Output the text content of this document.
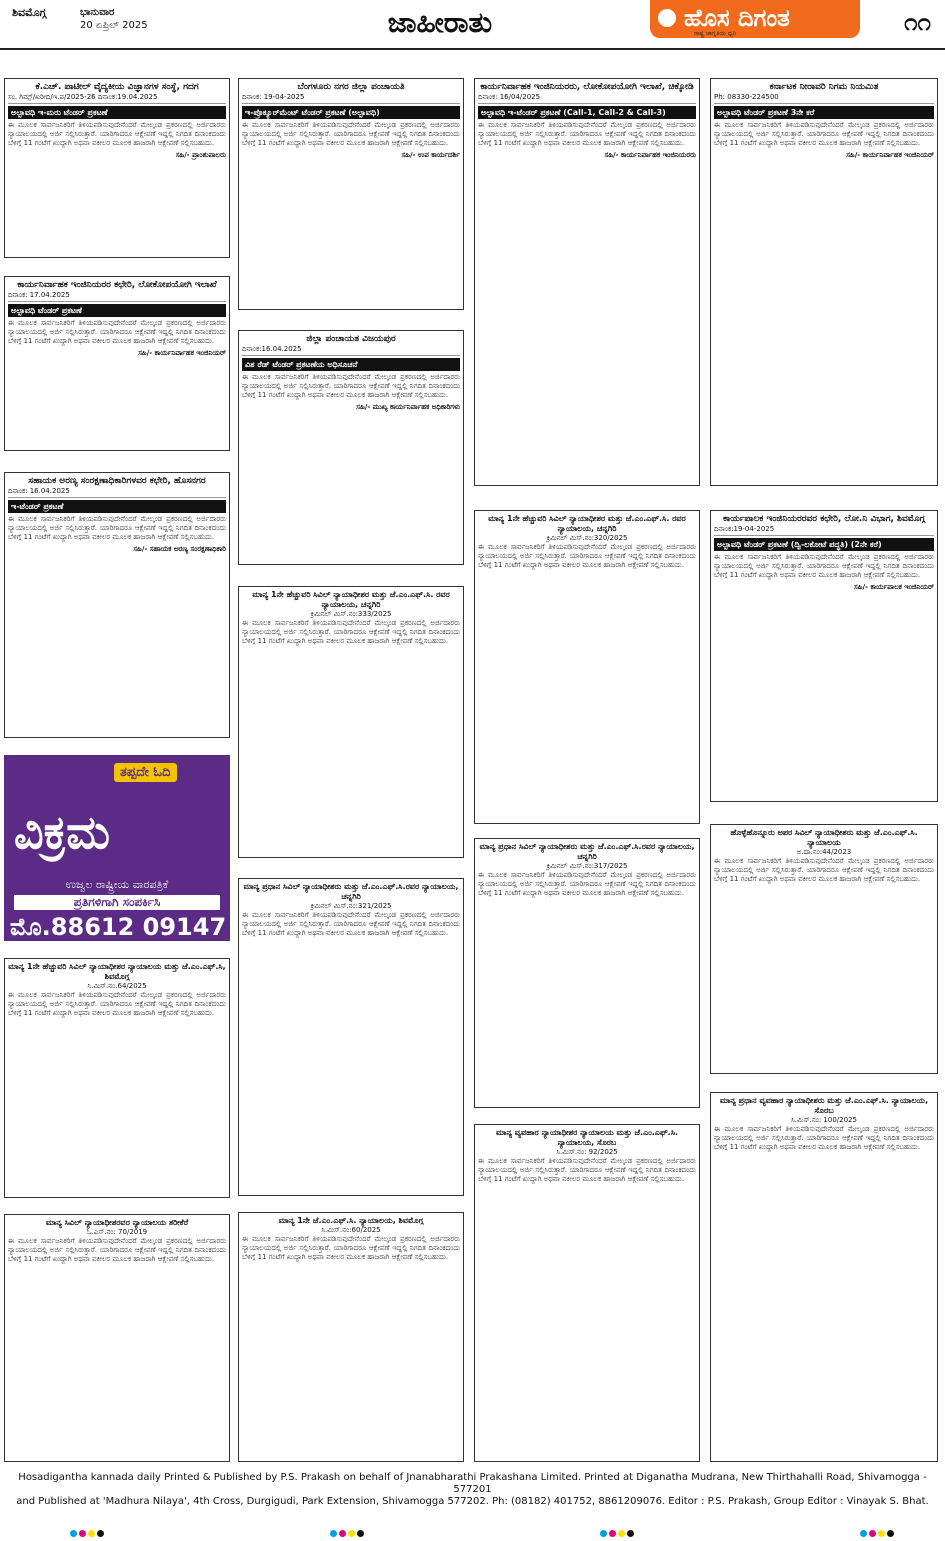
ಶಿವಮೊಗ್ಗ	ಭಾನುವಾರ
20 ಏಪ್ರಿಲ್ 2025	ಜಾಹೀರಾತು	ಹೊಸ ದಿಗಂತ
ರಾಷ್ಟ್ರ ಜಾಗೃತಿಯ ಧ್ವನಿ	೧೧
ಕೆ.ಎಚ್. ಪಾಟೀಲ್ ವೈದ್ಯಕೀಯ ವಿಜ್ಞಾನಗಳ ಸಂಸ್ಥೆ, ಗದಗ
ಸಂ. ಗಿಮ್ಸ್/ಖರೀದಿ/ಇ.ಪ/2025-26 ದಿನಾಂಕ:19.04.2025
ಅಲ್ಪಾವಧಿ ಇ-ಮರು ಟೆಂಡರ್ ಪ್ರಕಟಣೆ
ಈ ಮೂಲಕ ಸಾರ್ವಜನಿಕರಿಗೆ ತಿಳಿಯಪಡಿಸುವುದೇನೆಂದರೆ ಮೇಲ್ಕಂಡ ಪ್ರಕರಣದಲ್ಲಿ ಅರ್ಜಿದಾರರು ನ್ಯಾಯಾಲಯದಲ್ಲಿ ಅರ್ಜಿ ಸಲ್ಲಿಸಿರುತ್ತಾರೆ. ಯಾರಿಗಾದರೂ ಆಕ್ಷೇಪಣೆ ಇದ್ದಲ್ಲಿ ನಿಗದಿತ ದಿನಾಂಕದಂದು ಬೆಳಿಗ್ಗೆ 11 ಗಂಟೆಗೆ ಖುದ್ದಾಗಿ ಅಥವಾ ವಕೀಲರ ಮೂಲಕ ಹಾಜರಾಗಿ ಆಕ್ಷೇಪಣೆ ಸಲ್ಲಿಸಬಹುದು.
ಸಹಿ/- ಪ್ರಾಂಶುಪಾಲರು
ಕಾರ್ಯನಿರ್ವಾಹಕ ಇಂಜಿನಿಯರರ ಕಛೇರಿ, ಲೋಕೋಪಯೋಗಿ ಇಲಾಖೆ
ದಿನಾಂಕ: 17.04.2025
ಅಲ್ಪಾವಧಿ ಟೆಂಡರ್ ಪ್ರಕಟಣೆ
ಈ ಮೂಲಕ ಸಾರ್ವಜನಿಕರಿಗೆ ತಿಳಿಯಪಡಿಸುವುದೇನೆಂದರೆ ಮೇಲ್ಕಂಡ ಪ್ರಕರಣದಲ್ಲಿ ಅರ್ಜಿದಾರರು ನ್ಯಾಯಾಲಯದಲ್ಲಿ ಅರ್ಜಿ ಸಲ್ಲಿಸಿರುತ್ತಾರೆ. ಯಾರಿಗಾದರೂ ಆಕ್ಷೇಪಣೆ ಇದ್ದಲ್ಲಿ ನಿಗದಿತ ದಿನಾಂಕದಂದು ಬೆಳಿಗ್ಗೆ 11 ಗಂಟೆಗೆ ಖುದ್ದಾಗಿ ಅಥವಾ ವಕೀಲರ ಮೂಲಕ ಹಾಜರಾಗಿ ಆಕ್ಷೇಪಣೆ ಸಲ್ಲಿಸಬಹುದು.
ಸಹಿ/- ಕಾರ್ಯನಿರ್ವಾಹಕ ಇಂಜಿನಿಯರ್
ಸಹಾಯಕ ಅರಣ್ಯ ಸಂರಕ್ಷಣಾಧಿಕಾರಿಗಳವರ ಕಛೇರಿ, ಹೊಸನಗರ
ದಿನಾಂಕ: 16.04.2025
ಇ-ಟೆಂಡರ್ ಪ್ರಕಟಣೆ
ಈ ಮೂಲಕ ಸಾರ್ವಜನಿಕರಿಗೆ ತಿಳಿಯಪಡಿಸುವುದೇನೆಂದರೆ ಮೇಲ್ಕಂಡ ಪ್ರಕರಣದಲ್ಲಿ ಅರ್ಜಿದಾರರು ನ್ಯಾಯಾಲಯದಲ್ಲಿ ಅರ್ಜಿ ಸಲ್ಲಿಸಿರುತ್ತಾರೆ. ಯಾರಿಗಾದರೂ ಆಕ್ಷೇಪಣೆ ಇದ್ದಲ್ಲಿ ನಿಗದಿತ ದಿನಾಂಕದಂದು ಬೆಳಿಗ್ಗೆ 11 ಗಂಟೆಗೆ ಖುದ್ದಾಗಿ ಅಥವಾ ವಕೀಲರ ಮೂಲಕ ಹಾಜರಾಗಿ ಆಕ್ಷೇಪಣೆ ಸಲ್ಲಿಸಬಹುದು.
ಸಹಿ/- ಸಹಾಯಕ ಅರಣ್ಯ ಸಂರಕ್ಷಣಾಧಿಕಾರಿ
ತಪ್ಪದೇ ಓದಿ
ವಿಕ್ರಮ
ಉಜ್ವಲ ರಾಷ್ಟ್ರೀಯ ವಾರಪತ್ರಿಕೆ
ಪ್ರತಿಗಳಿಗಾಗಿ ಸಂಪರ್ಕಿಸಿ
ಮೊ.88612 09147
ಮಾನ್ಯ 1ನೇ ಹೆಚ್ಚುವರಿ ಸಿವಿಲ್ ನ್ಯಾಯಾಧೀಶರ ನ್ಯಾಯಾಲಯ ಮತ್ತು ಜೆ.ಎಂ.ಎಫ್.ಸಿ, ಶಿವಮೊಗ್ಗ
ಸಿ.ಮಿಸ್.ನಂ.64/2025
ಈ ಮೂಲಕ ಸಾರ್ವಜನಿಕರಿಗೆ ತಿಳಿಯಪಡಿಸುವುದೇನೆಂದರೆ ಮೇಲ್ಕಂಡ ಪ್ರಕರಣದಲ್ಲಿ ಅರ್ಜಿದಾರರು ನ್ಯಾಯಾಲಯದಲ್ಲಿ ಅರ್ಜಿ ಸಲ್ಲಿಸಿರುತ್ತಾರೆ. ಯಾರಿಗಾದರೂ ಆಕ್ಷೇಪಣೆ ಇದ್ದಲ್ಲಿ ನಿಗದಿತ ದಿನಾಂಕದಂದು ಬೆಳಿಗ್ಗೆ 11 ಗಂಟೆಗೆ ಖುದ್ದಾಗಿ ಅಥವಾ ವಕೀಲರ ಮೂಲಕ ಹಾಜರಾಗಿ ಆಕ್ಷೇಪಣೆ ಸಲ್ಲಿಸಬಹುದು.
ಮಾನ್ಯ ಸಿವಿಲ್ ನ್ಯಾಯಾಧೀಶರವರ ನ್ಯಾಯಾಲಯ ತರೀಕೆರೆ
ಓ.ಎಸ್.ನಂ: 70/2019
ಈ ಮೂಲಕ ಸಾರ್ವಜನಿಕರಿಗೆ ತಿಳಿಯಪಡಿಸುವುದೇನೆಂದರೆ ಮೇಲ್ಕಂಡ ಪ್ರಕರಣದಲ್ಲಿ ಅರ್ಜಿದಾರರು ನ್ಯಾಯಾಲಯದಲ್ಲಿ ಅರ್ಜಿ ಸಲ್ಲಿಸಿರುತ್ತಾರೆ. ಯಾರಿಗಾದರೂ ಆಕ್ಷೇಪಣೆ ಇದ್ದಲ್ಲಿ ನಿಗದಿತ ದಿನಾಂಕದಂದು ಬೆಳಿಗ್ಗೆ 11 ಗಂಟೆಗೆ ಖುದ್ದಾಗಿ ಅಥವಾ ವಕೀಲರ ಮೂಲಕ ಹಾಜರಾಗಿ ಆಕ್ಷೇಪಣೆ ಸಲ್ಲಿಸಬಹುದು.
ಬೆಂಗಳೂರು ನಗರ ಜಿಲ್ಲಾ ಪಂಚಾಯತಿ
ದಿನಾಂಕ: 19-04-2025
ಇ-ಪ್ರೊಕ್ಯೂರ್‌ಮೆಂಟ್ ಟೆಂಡರ್ ಪ್ರಕಟಣೆ (ಅಲ್ಪಾವಧಿ)
ಈ ಮೂಲಕ ಸಾರ್ವಜನಿಕರಿಗೆ ತಿಳಿಯಪಡಿಸುವುದೇನೆಂದರೆ ಮೇಲ್ಕಂಡ ಪ್ರಕರಣದಲ್ಲಿ ಅರ್ಜಿದಾರರು ನ್ಯಾಯಾಲಯದಲ್ಲಿ ಅರ್ಜಿ ಸಲ್ಲಿಸಿರುತ್ತಾರೆ. ಯಾರಿಗಾದರೂ ಆಕ್ಷೇಪಣೆ ಇದ್ದಲ್ಲಿ ನಿಗದಿತ ದಿನಾಂಕದಂದು ಬೆಳಿಗ್ಗೆ 11 ಗಂಟೆಗೆ ಖುದ್ದಾಗಿ ಅಥವಾ ವಕೀಲರ ಮೂಲಕ ಹಾಜರಾಗಿ ಆಕ್ಷೇಪಣೆ ಸಲ್ಲಿಸಬಹುದು.
ಸಹಿ/- ಉಪ ಕಾರ್ಯದರ್ಶಿ
ಜಿಲ್ಲಾ ಪಂಚಾಯತ ವಿಜಯಪುರ
ದಿನಾಂಕ:16.04.2025
ವಿಶ ರೆಡ್ ಟೆಂಡರ್ ಪ್ರಕಟಣೆಯ ಅಧಿಸೂಚನೆ
ಈ ಮೂಲಕ ಸಾರ್ವಜನಿಕರಿಗೆ ತಿಳಿಯಪಡಿಸುವುದೇನೆಂದರೆ ಮೇಲ್ಕಂಡ ಪ್ರಕರಣದಲ್ಲಿ ಅರ್ಜಿದಾರರು ನ್ಯಾಯಾಲಯದಲ್ಲಿ ಅರ್ಜಿ ಸಲ್ಲಿಸಿರುತ್ತಾರೆ. ಯಾರಿಗಾದರೂ ಆಕ್ಷೇಪಣೆ ಇದ್ದಲ್ಲಿ ನಿಗದಿತ ದಿನಾಂಕದಂದು ಬೆಳಿಗ್ಗೆ 11 ಗಂಟೆಗೆ ಖುದ್ದಾಗಿ ಅಥವಾ ವಕೀಲರ ಮೂಲಕ ಹಾಜರಾಗಿ ಆಕ್ಷೇಪಣೆ ಸಲ್ಲಿಸಬಹುದು.
ಸಹಿ/- ಮುಖ್ಯ ಕಾರ್ಯನಿರ್ವಾಹಕ ಅಧಿಕಾರಿಗಳು
ಮಾನ್ಯ 1ನೇ ಹೆಚ್ಚುವರಿ ಸಿವಿಲ್ ನ್ಯಾಯಾಧೀಶರ ಮತ್ತು ಜೆ.ಎಂ.ಎಫ್.ಸಿ. ರವರ ನ್ಯಾಯಾಲಯ, ಚನ್ನಗಿರಿ
ಕ್ರಿಮಿನಲ್ ಮಿಸ್.ನಂ:333/2025
ಈ ಮೂಲಕ ಸಾರ್ವಜನಿಕರಿಗೆ ತಿಳಿಯಪಡಿಸುವುದೇನೆಂದರೆ ಮೇಲ್ಕಂಡ ಪ್ರಕರಣದಲ್ಲಿ ಅರ್ಜಿದಾರರು ನ್ಯಾಯಾಲಯದಲ್ಲಿ ಅರ್ಜಿ ಸಲ್ಲಿಸಿರುತ್ತಾರೆ. ಯಾರಿಗಾದರೂ ಆಕ್ಷೇಪಣೆ ಇದ್ದಲ್ಲಿ ನಿಗದಿತ ದಿನಾಂಕದಂದು ಬೆಳಿಗ್ಗೆ 11 ಗಂಟೆಗೆ ಖುದ್ದಾಗಿ ಅಥವಾ ವಕೀಲರ ಮೂಲಕ ಹಾಜರಾಗಿ ಆಕ್ಷೇಪಣೆ ಸಲ್ಲಿಸಬಹುದು.
ಮಾನ್ಯ ಪ್ರಧಾನ ಸಿವಿಲ್ ನ್ಯಾಯಾಧೀಶರು ಮತ್ತು ಜೆ.ಎಂ.ಎಫ್.ಸಿ.ರವರ ನ್ಯಾಯಾಲಯ, ಚನ್ನಗಿರಿ
ಕ್ರಿಮಿನಲ್ ಮಿಸ್.ನಂ:321/2025
ಈ ಮೂಲಕ ಸಾರ್ವಜನಿಕರಿಗೆ ತಿಳಿಯಪಡಿಸುವುದೇನೆಂದರೆ ಮೇಲ್ಕಂಡ ಪ್ರಕರಣದಲ್ಲಿ ಅರ್ಜಿದಾರರು ನ್ಯಾಯಾಲಯದಲ್ಲಿ ಅರ್ಜಿ ಸಲ್ಲಿಸಿರುತ್ತಾರೆ. ಯಾರಿಗಾದರೂ ಆಕ್ಷೇಪಣೆ ಇದ್ದಲ್ಲಿ ನಿಗದಿತ ದಿನಾಂಕದಂದು ಬೆಳಿಗ್ಗೆ 11 ಗಂಟೆಗೆ ಖುದ್ದಾಗಿ ಅಥವಾ ವಕೀಲರ ಮೂಲಕ ಹಾಜರಾಗಿ ಆಕ್ಷೇಪಣೆ ಸಲ್ಲಿಸಬಹುದು.
ಮಾನ್ಯ 1ನೇ ಜೆ.ಎಂ.ಎಫ್.ಸಿ. ನ್ಯಾಯಾಲಯ, ಶಿವಮೊಗ್ಗ
ಸಿ.ಮಿಸ್.ನಂ:60/2025
ಈ ಮೂಲಕ ಸಾರ್ವಜನಿಕರಿಗೆ ತಿಳಿಯಪಡಿಸುವುದೇನೆಂದರೆ ಮೇಲ್ಕಂಡ ಪ್ರಕರಣದಲ್ಲಿ ಅರ್ಜಿದಾರರು ನ್ಯಾಯಾಲಯದಲ್ಲಿ ಅರ್ಜಿ ಸಲ್ಲಿಸಿರುತ್ತಾರೆ. ಯಾರಿಗಾದರೂ ಆಕ್ಷೇಪಣೆ ಇದ್ದಲ್ಲಿ ನಿಗದಿತ ದಿನಾಂಕದಂದು ಬೆಳಿಗ್ಗೆ 11 ಗಂಟೆಗೆ ಖುದ್ದಾಗಿ ಅಥವಾ ವಕೀಲರ ಮೂಲಕ ಹಾಜರಾಗಿ ಆಕ್ಷೇಪಣೆ ಸಲ್ಲಿಸಬಹುದು.
ಕಾರ್ಯನಿರ್ವಾಹಕ ಇಂಜಿನಿಯರರು, ಲೋಕೋಪಯೋಗಿ ಇಲಾಖೆ, ಚಿಕ್ಕೋಡಿ
ದಿನಾಂಕ: 16/04/2025
ಅಲ್ಪಾವಧಿ ಇ-ಟೆಂಡರ್ ಪ್ರಕಟಣೆ (Call-1, Call-2 & Call-3)
ಈ ಮೂಲಕ ಸಾರ್ವಜನಿಕರಿಗೆ ತಿಳಿಯಪಡಿಸುವುದೇನೆಂದರೆ ಮೇಲ್ಕಂಡ ಪ್ರಕರಣದಲ್ಲಿ ಅರ್ಜಿದಾರರು ನ್ಯಾಯಾಲಯದಲ್ಲಿ ಅರ್ಜಿ ಸಲ್ಲಿಸಿರುತ್ತಾರೆ. ಯಾರಿಗಾದರೂ ಆಕ್ಷೇಪಣೆ ಇದ್ದಲ್ಲಿ ನಿಗದಿತ ದಿನಾಂಕದಂದು ಬೆಳಿಗ್ಗೆ 11 ಗಂಟೆಗೆ ಖುದ್ದಾಗಿ ಅಥವಾ ವಕೀಲರ ಮೂಲಕ ಹಾಜರಾಗಿ ಆಕ್ಷೇಪಣೆ ಸಲ್ಲಿಸಬಹುದು.
ಸಹಿ/- ಕಾರ್ಯನಿರ್ವಾಹಕ ಇಂಜಿನಿಯರರು
ಮಾನ್ಯ 1ನೇ ಹೆಚ್ಚುವರಿ ಸಿವಿಲ್ ನ್ಯಾಯಾಧೀಶರ ಮತ್ತು ಜೆ.ಎಂ.ಎಫ್.ಸಿ. ರವರ ನ್ಯಾಯಾಲಯ, ಚನ್ನಗಿರಿ
ಕ್ರಿಮಿನಲ್ ಮಿಸ್.ನಂ:320/2025
ಈ ಮೂಲಕ ಸಾರ್ವಜನಿಕರಿಗೆ ತಿಳಿಯಪಡಿಸುವುದೇನೆಂದರೆ ಮೇಲ್ಕಂಡ ಪ್ರಕರಣದಲ್ಲಿ ಅರ್ಜಿದಾರರು ನ್ಯಾಯಾಲಯದಲ್ಲಿ ಅರ್ಜಿ ಸಲ್ಲಿಸಿರುತ್ತಾರೆ. ಯಾರಿಗಾದರೂ ಆಕ್ಷೇಪಣೆ ಇದ್ದಲ್ಲಿ ನಿಗದಿತ ದಿನಾಂಕದಂದು ಬೆಳಿಗ್ಗೆ 11 ಗಂಟೆಗೆ ಖುದ್ದಾಗಿ ಅಥವಾ ವಕೀಲರ ಮೂಲಕ ಹಾಜರಾಗಿ ಆಕ್ಷೇಪಣೆ ಸಲ್ಲಿಸಬಹುದು.
ಮಾನ್ಯ ಪ್ರಧಾನ ಸಿವಿಲ್ ನ್ಯಾಯಾಧೀಶರು ಮತ್ತು ಜೆ.ಎಂ.ಎಫ್.ಸಿ.ರವರ ನ್ಯಾಯಾಲಯ, ಚನ್ನಗಿರಿ
ಕ್ರಿಮಿನಲ್ ಮಿಸ್.ನಂ:317/2025
ಈ ಮೂಲಕ ಸಾರ್ವಜನಿಕರಿಗೆ ತಿಳಿಯಪಡಿಸುವುದೇನೆಂದರೆ ಮೇಲ್ಕಂಡ ಪ್ರಕರಣದಲ್ಲಿ ಅರ್ಜಿದಾರರು ನ್ಯಾಯಾಲಯದಲ್ಲಿ ಅರ್ಜಿ ಸಲ್ಲಿಸಿರುತ್ತಾರೆ. ಯಾರಿಗಾದರೂ ಆಕ್ಷೇಪಣೆ ಇದ್ದಲ್ಲಿ ನಿಗದಿತ ದಿನಾಂಕದಂದು ಬೆಳಿಗ್ಗೆ 11 ಗಂಟೆಗೆ ಖುದ್ದಾಗಿ ಅಥವಾ ವಕೀಲರ ಮೂಲಕ ಹಾಜರಾಗಿ ಆಕ್ಷೇಪಣೆ ಸಲ್ಲಿಸಬಹುದು.
ಮಾನ್ಯ ವ್ಯವಹಾರ ನ್ಯಾಯಾಧೀಶರ ನ್ಯಾಯಾಲಯ ಮತ್ತು ಜೆ.ಎಂ.ಎಫ್.ಸಿ. ನ್ಯಾಯಾಲಯ, ಸೊರಬ
ಸಿ.ಮಿಸ್.ನಂ: 92/2025
ಈ ಮೂಲಕ ಸಾರ್ವಜನಿಕರಿಗೆ ತಿಳಿಯಪಡಿಸುವುದೇನೆಂದರೆ ಮೇಲ್ಕಂಡ ಪ್ರಕರಣದಲ್ಲಿ ಅರ್ಜಿದಾರರು ನ್ಯಾಯಾಲಯದಲ್ಲಿ ಅರ್ಜಿ ಸಲ್ಲಿಸಿರುತ್ತಾರೆ. ಯಾರಿಗಾದರೂ ಆಕ್ಷೇಪಣೆ ಇದ್ದಲ್ಲಿ ನಿಗದಿತ ದಿನಾಂಕದಂದು ಬೆಳಿಗ್ಗೆ 11 ಗಂಟೆಗೆ ಖುದ್ದಾಗಿ ಅಥವಾ ವಕೀಲರ ಮೂಲಕ ಹಾಜರಾಗಿ ಆಕ್ಷೇಪಣೆ ಸಲ್ಲಿಸಬಹುದು.
ಕರ್ನಾಟಕ ನೀರಾವರಿ ನಿಗಮ ನಿಯಮಿತ
Ph: 08330-224500
ಅಲ್ಪಾವಧಿ ಟೆಂಡರ್ ಪ್ರಕಟಣೆ 3ನೇ ಕರೆ
ಈ ಮೂಲಕ ಸಾರ್ವಜನಿಕರಿಗೆ ತಿಳಿಯಪಡಿಸುವುದೇನೆಂದರೆ ಮೇಲ್ಕಂಡ ಪ್ರಕರಣದಲ್ಲಿ ಅರ್ಜಿದಾರರು ನ್ಯಾಯಾಲಯದಲ್ಲಿ ಅರ್ಜಿ ಸಲ್ಲಿಸಿರುತ್ತಾರೆ. ಯಾರಿಗಾದರೂ ಆಕ್ಷೇಪಣೆ ಇದ್ದಲ್ಲಿ ನಿಗದಿತ ದಿನಾಂಕದಂದು ಬೆಳಿಗ್ಗೆ 11 ಗಂಟೆಗೆ ಖುದ್ದಾಗಿ ಅಥವಾ ವಕೀಲರ ಮೂಲಕ ಹಾಜರಾಗಿ ಆಕ್ಷೇಪಣೆ ಸಲ್ಲಿಸಬಹುದು.
ಸಹಿ/- ಕಾರ್ಯನಿರ್ವಾಹಕ ಇಂಜಿನಿಯರ್
ಕಾರ್ಯಪಾಲಕ ಇಂಜಿನಿಯರರವರ ಕಛೇರಿ, ಲೋ.ನಿ ವಿಭಾಗ, ಶಿವಮೊಗ್ಗ
ದಿನಾಂಕ:19-04-2025
ಅಲ್ಪಾವಧಿ ಟೆಂಡರ್ ಪ್ರಕಟಣೆ (ದ್ವಿ-ಲಕೋಟೆ ಪದ್ಧತಿ) (2ನೇ ಕರೆ)
ಈ ಮೂಲಕ ಸಾರ್ವಜನಿಕರಿಗೆ ತಿಳಿಯಪಡಿಸುವುದೇನೆಂದರೆ ಮೇಲ್ಕಂಡ ಪ್ರಕರಣದಲ್ಲಿ ಅರ್ಜಿದಾರರು ನ್ಯಾಯಾಲಯದಲ್ಲಿ ಅರ್ಜಿ ಸಲ್ಲಿಸಿರುತ್ತಾರೆ. ಯಾರಿಗಾದರೂ ಆಕ್ಷೇಪಣೆ ಇದ್ದಲ್ಲಿ ನಿಗದಿತ ದಿನಾಂಕದಂದು ಬೆಳಿಗ್ಗೆ 11 ಗಂಟೆಗೆ ಖುದ್ದಾಗಿ ಅಥವಾ ವಕೀಲರ ಮೂಲಕ ಹಾಜರಾಗಿ ಆಕ್ಷೇಪಣೆ ಸಲ್ಲಿಸಬಹುದು.
ಸಹಿ/- ಕಾರ್ಯಪಾಲಕ ಇಂಜಿನಿಯರ್
ಹೊಳ್ಳೆಹೊನ್ನೂರು ಅಪರ ಸಿವಿಲ್ ನ್ಯಾಯಾಧೀಶರು ಮತ್ತು ಜೆ.ಎಂ.ಎಫ್.ಸಿ. ನ್ಯಾಯಾಲಯ
ಅ.ದಾ.ನಂ:44/2023
ಈ ಮೂಲಕ ಸಾರ್ವಜನಿಕರಿಗೆ ತಿಳಿಯಪಡಿಸುವುದೇನೆಂದರೆ ಮೇಲ್ಕಂಡ ಪ್ರಕರಣದಲ್ಲಿ ಅರ್ಜಿದಾರರು ನ್ಯಾಯಾಲಯದಲ್ಲಿ ಅರ್ಜಿ ಸಲ್ಲಿಸಿರುತ್ತಾರೆ. ಯಾರಿಗಾದರೂ ಆಕ್ಷೇಪಣೆ ಇದ್ದಲ್ಲಿ ನಿಗದಿತ ದಿನಾಂಕದಂದು ಬೆಳಿಗ್ಗೆ 11 ಗಂಟೆಗೆ ಖುದ್ದಾಗಿ ಅಥವಾ ವಕೀಲರ ಮೂಲಕ ಹಾಜರಾಗಿ ಆಕ್ಷೇಪಣೆ ಸಲ್ಲಿಸಬಹುದು.
ಮಾನ್ಯ ಪ್ರಧಾನ ವ್ಯವಹಾರ ನ್ಯಾಯಾಧೀಶರು ಮತ್ತು ಜೆ.ಎಂ.ಎಫ್.ಸಿ. ನ್ಯಾಯಾಲಯ, ಸೊರಬ
ಸಿ.ಮಿಸ್.ನಂ: 100/2025
ಈ ಮೂಲಕ ಸಾರ್ವಜನಿಕರಿಗೆ ತಿಳಿಯಪಡಿಸುವುದೇನೆಂದರೆ ಮೇಲ್ಕಂಡ ಪ್ರಕರಣದಲ್ಲಿ ಅರ್ಜಿದಾರರು ನ್ಯಾಯಾಲಯದಲ್ಲಿ ಅರ್ಜಿ ಸಲ್ಲಿಸಿರುತ್ತಾರೆ. ಯಾರಿಗಾದರೂ ಆಕ್ಷೇಪಣೆ ಇದ್ದಲ್ಲಿ ನಿಗದಿತ ದಿನಾಂಕದಂದು ಬೆಳಿಗ್ಗೆ 11 ಗಂಟೆಗೆ ಖುದ್ದಾಗಿ ಅಥವಾ ವಕೀಲರ ಮೂಲಕ ಹಾಜರಾಗಿ ಆಕ್ಷೇಪಣೆ ಸಲ್ಲಿಸಬಹುದು.
Hosadigantha kannada daily Printed & Published by P.S. Prakash on behalf of Jnanabharathi Prakashana Limited. Printed at Diganatha Mudrana, New Thirthahalli Road, Shivamogga - 577201
and Published at 'Madhura Nilaya', 4th Cross, Durgigudi, Park Extension, Shivamogga 577202. Ph: (08182) 401752, 8861209076. Editor : P.S. Prakash, Group Editor : Vinayak S. Bhat.
